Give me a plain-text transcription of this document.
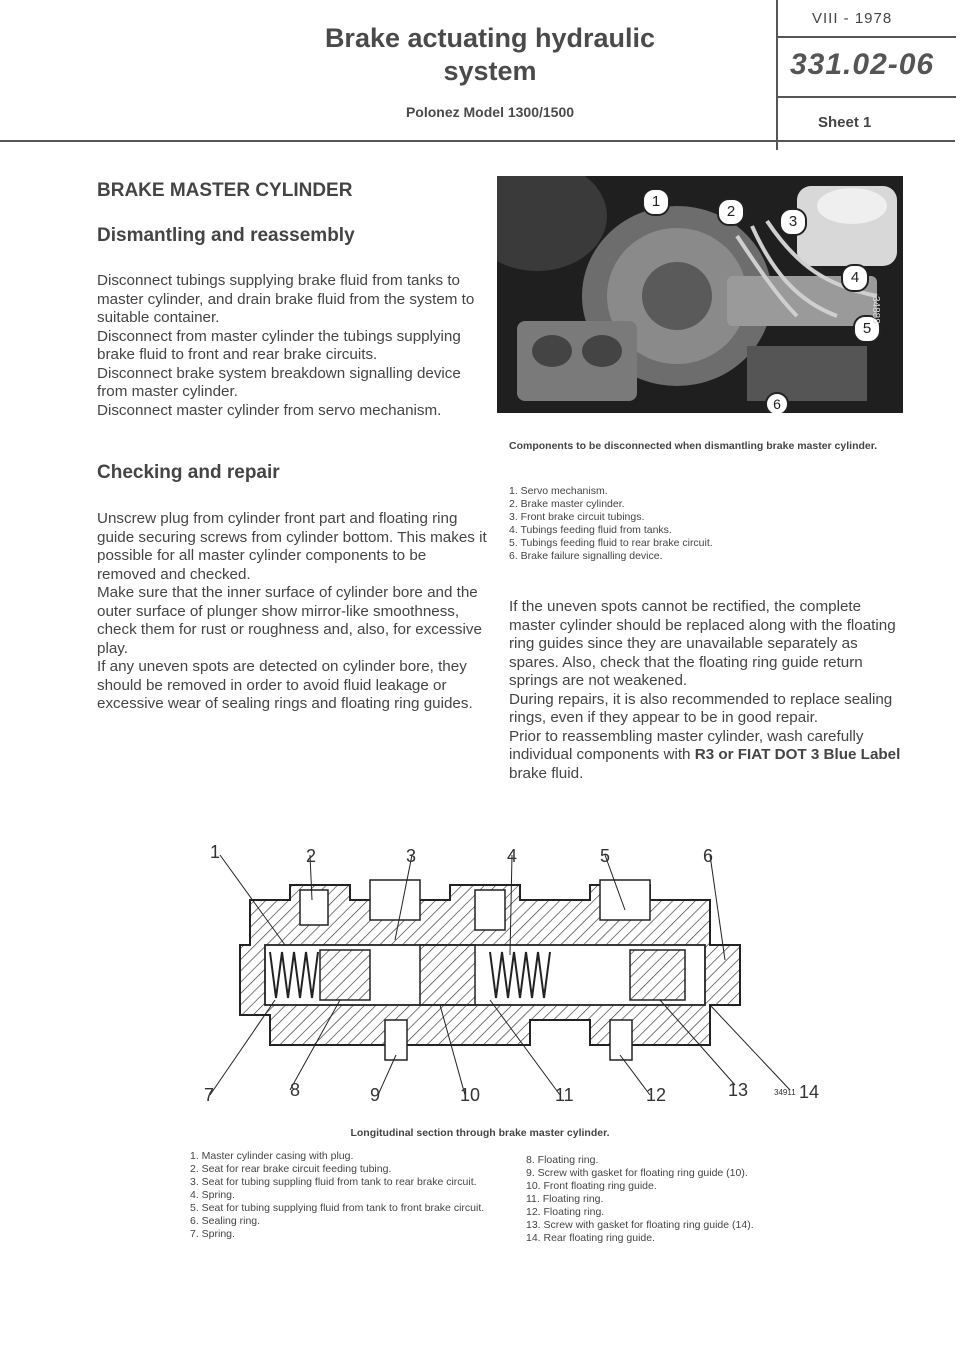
Brake actuating hydraulic system
Polonez Model 1300/1500
VIII - 1978
331.02-06
Sheet 1
BRAKE MASTER CYLINDER
Dismantling and reassembly
Disconnect tubings supplying brake fluid from tanks to master cylinder, and drain brake fluid from the system to suitable container.
Disconnect from master cylinder the tubings supplying brake fluid to front and rear brake circuits.
Disconnect brake system breakdown signalling device from master cylinder.
Disconnect master cylinder from servo mechanism.
Checking and repair
Unscrew plug from cylinder front part and floating ring guide securing screws from cylinder bottom. This makes it possible for all master cylinder components to be removed and checked.
Make sure that the inner surface of cylinder bore and the outer surface of plunger show mirror-like smoothness, check them for rust or roughness and, also, for excessive play.
If any uneven spots are detected on cylinder bore, they should be removed in order to avoid fluid leakage or excessive wear of sealing rings and floating ring guides.
1
2
3
4
5
6
34888
Components to be disconnected when dismantling brake master cylinder.
1. Servo mechanism.
2. Brake master cylinder.
3. Front brake circuit tubings.
4. Tubings feeding fluid from tanks.
5. Tubings feeding fluid to rear brake circuit.
6. Brake failure signalling device.
If the uneven spots cannot be rectified, the complete master cylinder should be replaced along with the floating ring guides since they are unavailable separately as spares. Also, check that the floating ring guide return springs are not weakened.
During repairs, it is also recommended to replace sealing rings, even if they appear to be in good repair.
Prior to reassembling master cylinder, wash carefully individual components with R3 or FIAT DOT 3 Blue Label brake fluid.
1	2	3	4	5	6
7	8	9	10	11	12	13	34911 14
Longitudinal section through brake master cylinder.
1. Master cylinder casing with plug.
2. Seat for rear brake circuit feeding tubing.
3. Seat for tubing suppling fluid from tank to rear brake circuit.
4. Spring.
5. Seat for tubing supplying fluid from tank to front brake circuit.
6. Sealing ring.
7. Spring.
8. Floating ring.
9. Screw with gasket for floating ring guide (10).
10. Front floating ring guide.
11. Floating ring.
12. Floating ring.
13. Screw with gasket for floating ring guide (14).
14. Rear floating ring guide.
